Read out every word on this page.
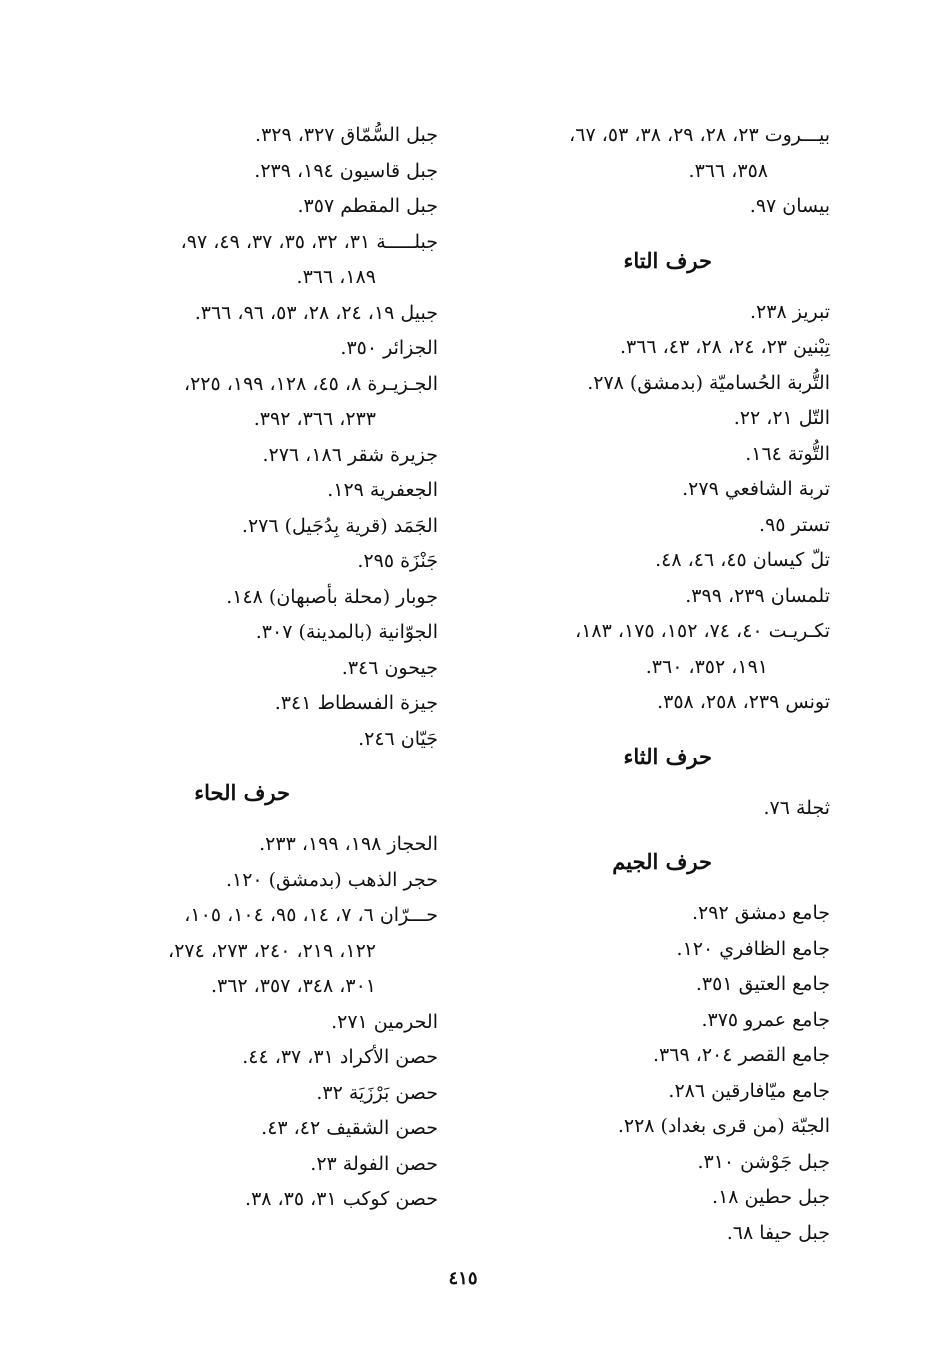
بيـــروت ٢٣، ٢٨، ٢٩، ٣٨، ٥٣، ٦٧،
٣٥٨، ٣٦٦.
بيسان ٩٧.
حرف التاء
تبريز ٢٣٨.
تِبْنين ٢٣، ٢٤، ٢٨، ٤٣، ٣٦٦.
التُّربة الحُساميّة (بدمشق) ٢٧٨.
التّل ٢١، ٢٢.
التُّوتة ١٦٤.
تربة الشافعي ٢٧٩.
تستر ٩٥.
تلّ كيسان ٤٥، ٤٦، ٤٨.
تلمسان ٢٣٩، ٣٩٩.
تكـريـت ٤٠، ٧٤، ١٥٢، ١٧٥، ١٨٣،
١٩١، ٣٥٢، ٣٦٠.
تونس ٢٣٩، ٢٥٨، ٣٥٨.
حرف الثاء
ثجلة ٧٦.
حرف الجيم
جامع دمشق ٢٩٢.
جامع الظافري ١٢٠.
جامع العتيق ٣٥١.
جامع عمرو ٣٧٥.
جامع القصر ٢٠٤، ٣٦٩.
جامع ميّافارقين ٢٨٦.
الجبّة (من قرى بغداد) ٢٢٨.
جبل جَوْشن ٣١٠.
جبل حطين ١٨.
جبل حيفا ٦٨.
جبل السُّمّاق ٣٢٧، ٣٢٩.
جبل قاسيون ١٩٤، ٢٣٩.
جبل المقطم ٣٥٧.
جبلـــــة ٣١، ٣٢، ٣٥، ٣٧، ٤٩، ٩٧،
١٨٩، ٣٦٦.
جبيل ١٩، ٢٤، ٢٨، ٥٣، ٩٦، ٣٦٦.
الجزائر ٣٥٠.
الجـزيـرة ٨، ٤٥، ١٢٨، ١٩٩، ٢٢٥،
٢٣٣، ٣٦٦، ٣٩٢.
جزيرة شقر ١٨٦، ٢٧٦.
الجعفرية ١٢٩.
الجَمَد (قرية بِدُجَيل) ٢٧٦.
جَنْزَة ٢٩٥.
جوبار (محلة بأصبهان) ١٤٨.
الجوّانية (بالمدينة) ٣٠٧.
جيحون ٣٤٦.
جيزة الفسطاط ٣٤١.
جَيّان ٢٤٦.
حرف الحاء
الحجاز ١٩٨، ١٩٩، ٢٣٣.
حجر الذهب (بدمشق) ١٢٠.
حـــرّان ٦، ٧، ١٤، ٩٥، ١٠٤، ١٠٥،
١٢٢، ٢١٩، ٢٤٠، ٢٧٣، ٢٧٤،
٣٠١، ٣٤٨، ٣٥٧، ٣٦٢.
الحرمين ٢٧١.
حصن الأكراد ٣١، ٣٧، ٤٤.
حصن بَرْزَيَة ٣٢.
حصن الشقيف ٤٢، ٤٣.
حصن الفولة ٢٣.
حصن كوكب ٣١، ٣٥، ٣٨.
٤١٥
